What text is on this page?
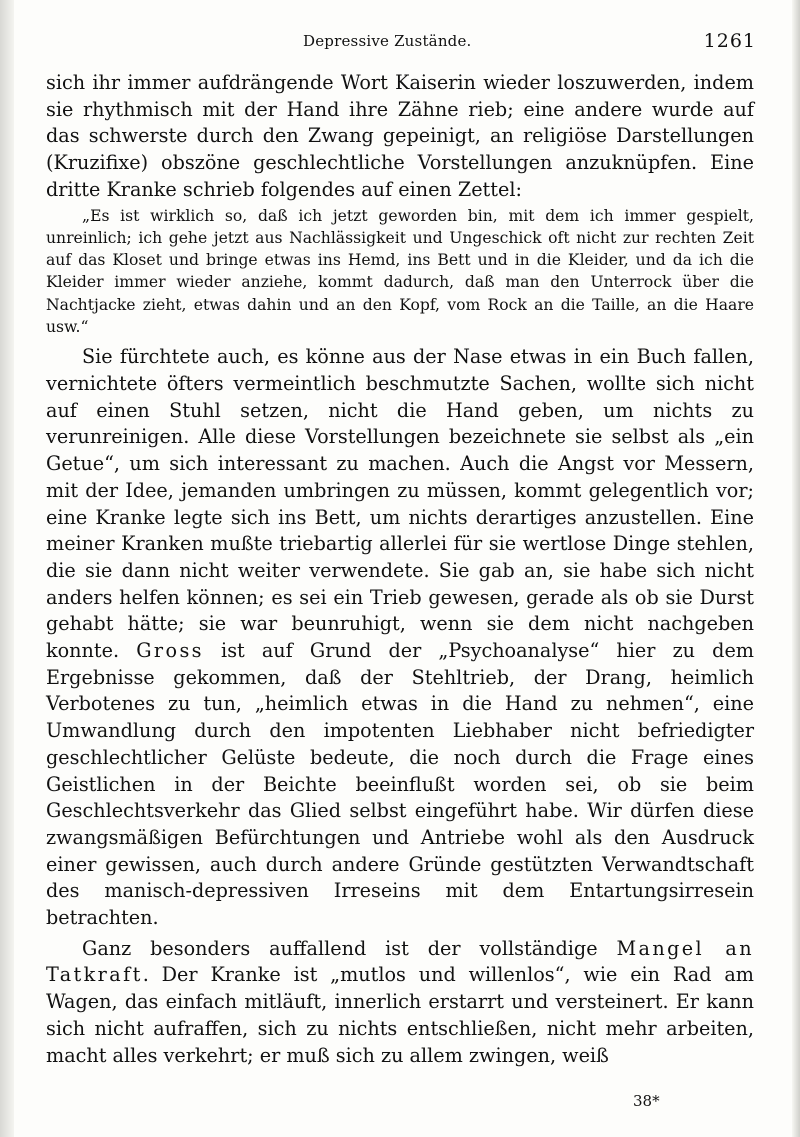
Depressive Zustände.	1261

sich ihr immer aufdrängende Wort Kaiserin wieder loszuwerden, indem sie rhythmisch mit der Hand ihre Zähne rieb; eine andere wurde auf das schwerste durch den Zwang gepeinigt, an religiöse Darstellungen (Kruzifixe) obszöne geschlechtliche Vorstellungen anzuknüpfen. Eine dritte Kranke schrieb folgendes auf einen Zettel:

„Es ist wirklich so, daß ich jetzt geworden bin, mit dem ich immer gespielt, unreinlich; ich gehe jetzt aus Nachlässigkeit und Ungeschick oft nicht zur rechten Zeit auf das Kloset und bringe etwas ins Hemd, ins Bett und in die Kleider, und da ich die Kleider immer wieder anziehe, kommt dadurch, daß man den Unterrock über die Nachtjacke zieht, etwas dahin und an den Kopf, vom Rock an die Taille, an die Haare usw.“

Sie fürchtete auch, es könne aus der Nase etwas in ein Buch fallen, vernichtete öfters vermeintlich beschmutzte Sachen, wollte sich nicht auf einen Stuhl setzen, nicht die Hand geben, um nichts zu verunreinigen. Alle diese Vorstellungen bezeichnete sie selbst als „ein Getue“, um sich interessant zu machen. Auch die Angst vor Messern, mit der Idee, jemanden umbringen zu müssen, kommt gelegentlich vor; eine Kranke legte sich ins Bett, um nichts derartiges anzustellen. Eine meiner Kranken mußte triebartig allerlei für sie wertlose Dinge stehlen, die sie dann nicht weiter verwendete. Sie gab an, sie habe sich nicht anders helfen können; es sei ein Trieb gewesen, gerade als ob sie Durst gehabt hätte; sie war beunruhigt, wenn sie dem nicht nachgeben konnte. Gross ist auf Grund der „Psychoanalyse“ hier zu dem Ergebnisse gekommen, daß der Stehltrieb, der Drang, heimlich Verbotenes zu tun, „heimlich etwas in die Hand zu nehmen“, eine Umwandlung durch den impotenten Liebhaber nicht befriedigter geschlechtlicher Gelüste bedeute, die noch durch die Frage eines Geistlichen in der Beichte beeinflußt worden sei, ob sie beim Geschlechtsverkehr das Glied selbst eingeführt habe. Wir dürfen diese zwangsmäßigen Befürchtungen und Antriebe wohl als den Ausdruck einer gewissen, auch durch andere Gründe gestützten Verwandtschaft des manisch-depressiven Irreseins mit dem Entartungsirresein betrachten.

Ganz besonders auffallend ist der vollständige Mangel an Tatkraft. Der Kranke ist „mutlos und willenlos“, wie ein Rad am Wagen, das einfach mitläuft, innerlich erstarrt und versteinert. Er kann sich nicht aufraffen, sich zu nichts entschließen, nicht mehr arbeiten, macht alles verkehrt; er muß sich zu allem zwingen, weiß

38*
